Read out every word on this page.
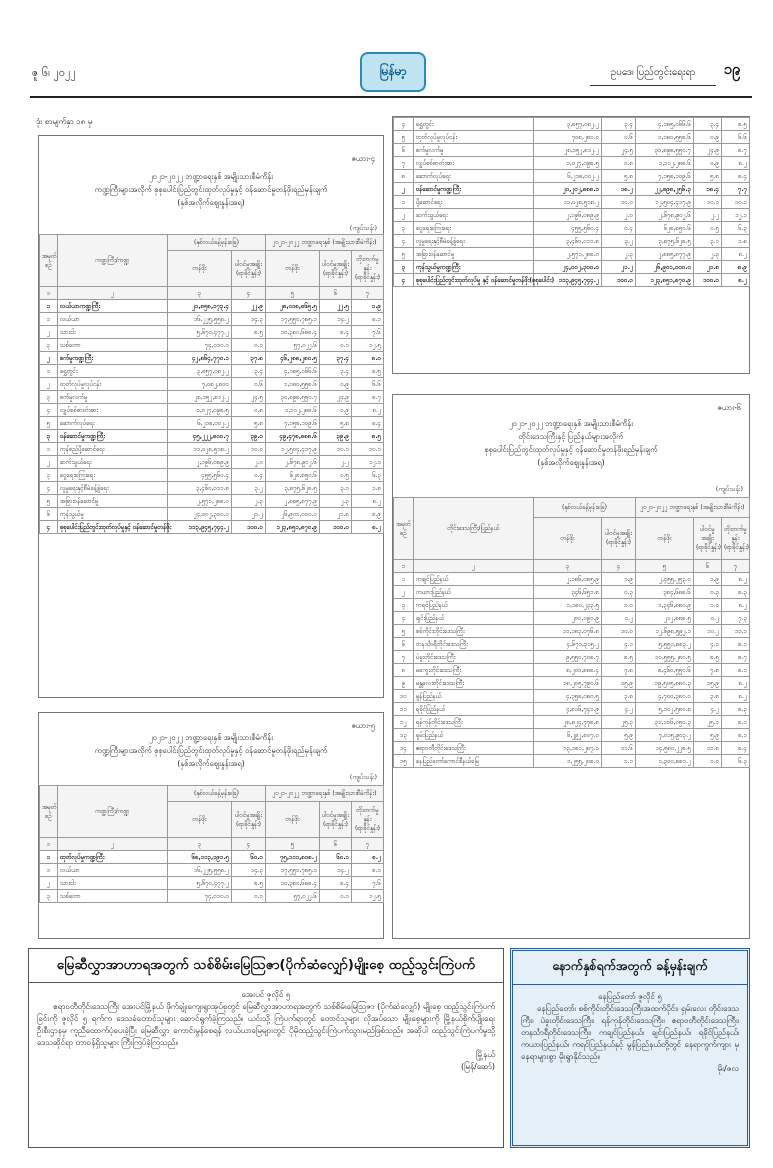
ဇူ ၆၊ ၂၀၂၂	မြန်မာ့	ဥပဒေ၊ ပြည်တွင်းရေးရာ	၁၉
ဒုံး စာမျက်နှာ ၁၈ မှ
ဇယား-၄
၂၀၂၁-၂၀၂၂ ဘဏ္ဍာရေးနှစ် အမျိုးသားစီမံကိန်း
ကဏ္ဍကြီးများအလိုက် စုစုပေါင်းပြည်တွင်းထုတ်လုပ်မှုနှင့် ဝန်ဆောင်မှုတန်ဖိုးရည်မှန်းချက်
(နှစ်အလိုက်ဈေးနှုန်းအရ)
(ကျပ်သန်း)
အမှတ်စဉ်	ကဏ္ဍကြီး/ကဏ္ဍ	(နှစ်လယ်ခန့်မှန်းခြေ)		၂၀၂၁-၂၀၂၂ ဘဏ္ဍာရေးနှစ် (အမျိုးသားစီမံကိန်း)		
		တန်ဖိုး	ပါဝင်မှုအချိုး (ရာခိုင်နှုန်း)	တန်ဖိုး	ပါဝင်မှုအချိုး (ရာခိုင်နှုန်း)	တိုးတက်မှုနှုန်း (ရာခိုင်နှုန်း)
၁	၂	၃	၄	၅	၆	၇
၁	လယ်ယာကဏ္ဍကြီး	၂၁,၈၅၈,၁၇၃.၄	၂၂.၉	၂၈,၀၁၈,၈၆၅.၅	၂၂.၅	၁.၉
၁	လယ်ယာ	၁၆,၂၂၅,၅၅၈.၂	၁၄.၃	၁၇,၅၅၀,၇၈၅.၁	၁၄.၂	၈.၁
၂	သားငါး	၅,၆၇၀,၄၇၇.၂	၈.၅	၁၀,၃၈၀,၆၈၈.၄	၈.၄	၇.၆
၃	သစ်တော	၇၄,၀၁၀.၀	၀.၁	၅၇,၀၂၂.၆	၀.၁	၁၂.၅
၂	စက်မှုကဏ္ဍကြီး	၄၂,၈၆၄,၇၇၀.၁	၃၇.၈	၄၆,၂၈၈,၂၈၀.၅	၃၇.၄	၈.၀
၁	ရွှေတွင်း	၃,၈၅၇,၀၈၂.၂	၃.၄	၄,၁၈၅,၀၆၆.၆	၃.၄	၈.၅
၂	ထုတ်လုပ်မှုလုပ်ငန်း	၇,၀၈၂,၈၀၀	၀.၆	၁,၁၈၀,၅၅၈.၆	၀.၉	၆.၆
၃	စက်မှုလက်မှု	၂၈,၁၅၂,၈၁၂.၂	၂၄.၅	၃၀,၈၉၈,၅၅၀.၇	၂၄.၉	၈.၇
၄	လျှပ်စစ်ဓာတ်အား	၁,၀၂၇,၀၉၈.၅	၀.၈	၁,၁၁၂,၂၈၈.၆	၀.၉	၈.၂
၅	ဆောက်လုပ်ရေး	၆,၂၁၈,၀၀၂.၂	၅.၈	၇,၁၅၈,၁၀၉.၆	၅.၈	၈.၄
၃	ဝန်ဆောင်မှုကဏ္ဍကြီး	၄၅,၂၂၂,၈၀၀.၇	၃၉.၀	၄၉,၄၇၈,၈၈၈.၆	၃၉.၉	၈.၅
၁	ကုန်စည်ပို့ဆောင်ရေး	၁၁,၀၂၈,၅၁၈.၂	၁၀.၀	၁၂,၅၀၄,၄၁၇.၉	၁၀.၁	၁၀.၁
၂	ဆက်သွယ်ရေး	၂,၁၉၆,၀၈၉.၉	၂.၀	၂,၆၇၈,၉၀၂.၆	၂.၂	၁၂.၁
၃	ငွေရေးကြေးရေး	၄၅၅,၅၆၀.၄	၀.၄	၆၂၈,၈၅၀.၆	၀.၅	၆.၃
၄	လူမှုရေးနှင့်စီမံခန့်ခွဲရေး	၃,၄၆၀,၀၁၁.၈	၃.၂	၃,၈၇၅,၆၂၈.၅	၃.၁	၁.၈
၅	အခြားဝန်ဆောင်မှု	၂,၅၇၁,၂၈၈.၀	၂.၃	၂,၈၈၅,၈၇၇.၉	၂.၃	၈.၂
၆	ကုန်သွယ်မှု	၂၄,၀၀၂,၃၀၀.၀	၂၁.၂	၂၆,၉၀၁,၀၀၀.၀	၂၁.၈	၈.၉
၄	စုစုပေါင်းပြည်တွင်းထုတ်လုပ်မှုနှင့် ဝန်ဆောင်မှုတန်ဖိုး	၁၁၃,၉၄၅,၇၄၄.၂	၁၀၀.၀	၁၂၃,၈၅၁,၈၇၀.၉	၁၀၀.၀	၈.၂
ဇယား-၅
၂၀၂၁-၂၀၂၂ ဘဏ္ဍာရေးနှစ် အမျိုးသားစီမံကိန်း
ကဏ္ဍကြီးများအလိုက် စုစုပေါင်းပြည်တွင်းထုတ်လုပ်မှုနှင့် ဝန်ဆောင်မှုတန်ဖိုးရည်မှန်းချက်
(နှစ်အလိုက်ဈေးနှုန်းအရ)
(ကျပ်သန်း)
အမှတ်စဉ်	ကဏ္ဍကြီး/ကဏ္ဍ	(နှစ်လယ်ခန့်မှန်းခြေ)		၂၀၂၁-၂၀၂၂ ဘဏ္ဍာရေးနှစ် (အမျိုးသားစီမံကိန်း)		
		တန်ဖိုး	ပါဝင်မှုအချိုး (ရာခိုင်နှုန်း)	တန်ဖိုး	ပါဝင်မှုအချိုး (ရာခိုင်နှုန်း)	တိုးတက်မှုနှုန်း (ရာခိုင်နှုန်း)
၁	၂	၃	၄	၅	၆	၇
၁	ထုတ်လုပ်မှုကဏ္ဍကြီး	၆၈,၁၁၃,၁၉၁.၅	၆၀.၀	၇၅,၁၁၁,၈၀၈.၂	၆၀.၁	၈.၂
၁	လယ်ယာ	၁၆,၂၂၅,၅၅၈.၂	၁၄.၃	၁၇,၅၅၀,၇၈၅.၁	၁၄.၂	၈.၁
၂	သားငါး	၅,၆၇၀,၄၇၇.၂	၈.၅	၁၀,၃၈၀,၆၈၈.၄	၈.၄	၇.၆
၃	သစ်တော	၇၄,၀၁၀.၀	၀.၁	၅၇,၀၂၂.၆	၀.၁	၁၂.၅
၄	ရွှေတွင်း	၃,၈၅၇,၀၈၂.၂	၃.၄	၄,၁၈၅,၀၆၆.၆	၃.၄	၈.၅
၅	ထုတ်လုပ်မှုလုပ်ငန်း	၇၀၈,၂၈၀.၀	၀.၆	၁,၁၈၀,၅၅၈.၆	၀.၉	၆.၆
၆	စက်မှုလက်မှု	၂၈,၁၅၂,၈၁၂.၂	၂၄.၅	၃၀,၈၉၈,၅၅၀.၇	၂၄.၉	၈.၇
၇	လျှပ်စစ်ဓာတ်အား	၁,၀၂၇,၀၉၈.၅	၀.၈	၁,၁၁၂,၂၈၈.၆	၀.၉	၈.၂
၈	ဆောက်လုပ်ရေး	၆,၂၁၈,၀၀၂.၂	၅.၈	၇,၁၅၈,၁၀၉.၆	၅.၈	၈.၄
၂	ဝန်ဆောင်မှုကဏ္ဍကြီး	၂၀,၂၀၂,၈၈၈.၁	၁၈.၂	၂၂,၈၉၈,၂၅၆.၃	၁၈.၄	၇.၇
၁	ပို့ဆောင်ရေး	၁၁,၀၂၈,၅၁၈.၂	၁၀.၀	၁၂,၅၀၄,၄၁၇.၉	၁၀.၁	၁၀.၁
၂	ဆက်သွယ်ရေး	၂,၁၉၆,၀၈၉.၉	၂.၀	၂,၆၇၈,၉၀၂.၆	၂.၂	၁၂.၁
၃	ငွေရေးကြေးရေး	၄၅၅,၅၆၀.၄	၀.၄	၆၂၈,၈၅၀.၆	၀.၅	၆.၃
၄	လူမှုရေးနှင့်စီမံခန့်ခွဲရေး	၃,၄၆၀,၀၁၁.၈	၃.၂	၃,၈၇၅,၆၂၈.၅	၃.၁	၁.၈
၅	အခြားဝန်ဆောင်မှု	၂,၅၇၁,၂၈၈.၀	၂.၃	၂,၈၈၅,၈၇၇.၉	၂.၃	၈.၂
၃	ကုန်သွယ်မှုကဏ္ဍကြီး	၂၄,၀၀၂,၃၀၀.၀	၂၁.၂	၂၆,၉၀၁,၀၀၀.၀	၂၁.၈	၈.၉
၄	စုစုပေါင်းပြည်တွင်းထုတ်လုပ်မှု နှင့် ဝန်ဆောင်မှုတန်ဖိုး(စုစုပေါင်း)	၁၁၃,၉၄၅,၇၄၄.၂	၁၀၀.၀	၁၂၃,၈၅၁,၈၇၀.၉	၁၀၀.၀	၈.၂
ဇယား-၆
၂၀၂၁-၂၀၂၂ ဘဏ္ဍာရေးနှစ် အမျိုးသားစီမံကိန်း
တိုင်းဒေသကြီးနှင့် ပြည်နယ်များအလိုက်
စုစုပေါင်းပြည်တွင်းထုတ်လုပ်မှုနှင့် ဝန်ဆောင်မှုတန်ဖိုးရည်မှန်းချက်
(နှစ်အလိုက်ဈေးနှုန်းအရ)
(ကျပ်သန်း)
အမှတ်စဉ်	တိုင်းဒေသကြီး/ပြည်နယ်	(နှစ်လယ်ခန့်မှန်းခြေ)		၂၀၂၁-၂၀၂၂ ဘဏ္ဍာရေးနှစ် (အမျိုးသားစီမံကိန်း)		
		တန်ဖိုး	ပါဝင်မှုအချိုး (ရာခိုင်နှုန်း)	တန်ဖိုး	ပါဝင်မှုအချိုး (ရာခိုင်နှုန်း)	တိုးတက်မှုနှုန်း (ရာခိုင်နှုန်း)
၁	၂	၃	၄	၅	၆	၇
၁	ကချင်ပြည်နယ်	၂,၁၈၆,၀၈၅.၉	၁.၉	၂,၄၅၅,၂၅၃.၀	၁.၉	၈.၂
၂	ကယားပြည်နယ်	၃၄၆,၆၅၁.၈	၀.၃	၃၈၄,၆၈၈.၆	၀.၃	၈.၃
၃	ကရင်ပြည်နယ်	၁,၁၈၀,၂၃၃.၅	၁.၀	၁,၃၄၆,၈၈၀.၉	၁.၀	၈.၂
၄	ချင်းပြည်နယ်	၂၀၀,၀၉၁.၉	၀.၂	၂၁၂,၈၈၈.၅	၀.၂	၇.၃
၅	စစ်ကိုင်းတိုင်းဒေသကြီး	၁၁,၁၈၃,၀၇၆.၈	၁၀.၀	၁၂,၆၉၈,၅၉၂.၁	၁၀.၂	၁၁.၁
၆	တနင်္သာရီတိုင်းဒေသကြီး	၄,၆၇၁,၃၁၅.၂	၄.၁	၅,၅၅၁,၈၈၃.၂	၄.၁	၈.၁
၇	ပဲခူးတိုင်းဒေသကြီး	၉,၅၅၀,၇၀၈.၇	၈.၅	၁၀,၅၅၅,၂၈၀.၅	၈.၅	၈.၇
၈	မကွေးတိုင်းဒေသကြီး	၈,၂၀၀,၈၈၈.၄	၇.၈	၈,၄၆၀,၅၅၀.၆	၇.၈	၈.၁
၉	မန္တလေးတိုင်းဒေသကြီး	၁၈,၂၀၅,၇၉၀.၆	၁၅.၉	၁၉,၅၀၅,၈၈၀.၃	၁၅.၉	၈.၂
၁၀	မွန်ပြည်နယ်	၄,၃၅၈,၀၈၀.၅	၃.၈	၄,၇၀၀,၃၈၀.၀	၃.၈	၈.၂
၁၁	ရခိုင်ပြည်နယ်	၄,၈၁၆,၇၄၁.၉	၄.၂	၅,၁၀၂,၅၈၀.၈	၄.၂	၈.၃
၁၂	ရန်ကုန်တိုင်းဒေသကြီး	၂၈,၈၂၄,၇၇၈.၈	၂၅.၃	၃၁,၁၀၆,၀၅၀.၃	၂၅.၁	၈.၀
၁၃	ရှမ်းပြည်နယ်	၆,၂၉၂,၈၀၇.၀	၅.၉	၇,၀၁၅,၉၀၃.၂	၅.၉	၈.၁
၁၄	ဧရာဝတီတိုင်းဒေသကြီး	၁၃,၁၈၁,၂၈၇.၁	၁၁.၆	၁၄,၅၈၀,၂၂၈.၅	၁၁.၈	၈.၄
၁၅	နေပြည်တော်ကောင်စီနယ်မြေ	၁,၂၅၅,၂၀၈.၀	၁.၁	၁,၃၀၀,၈၈၁.၂	၁.၀	၆.၃
မြေဆီလွှာအာဟာရအတွက် သစ်စိမ်းမြေဩဇာ(ပိုက်ဆံလျှော်)မျိုးစေ့ ထည့်သွင်းကြဲပက်

အေးပင် ဇူလိုင် ၅

ဧရာဝတီတိုင်းဒေသကြီး အေးပင်မြို့နယ် ဖိုက်ချုံးကျေးရွာအုပ်စုတွင် မြေဆီလွှာအာဟာရအတွက် သစ်စိမ်းမြေဩဇာ (ပိုက်ဆံလျှော်) မျိုးစေ့ ထည့်သွင်းကြဲပက်ခြင်းကို ဇူလိုင် ၅ ရက်က ဒေသခံတောင်သူများ ဆောင်ရွက်ခဲ့ကြသည်။ ယင်းသို့ ကြဲပက်ရာတွင် တောင်သူများ လိုအပ်သော မျိုးစေ့များကို မြို့နယ်စိုက်ပျိုးရေးဦးစီးဌာနမှ ကူညီထောက်ပံ့ပေးခဲ့ပြီး မြေဆီလွှာ ကောင်းမွန်စေရန် လယ်ယာမြေများတွင် ပိုမိုထည့်သွင်းကြဲပက်သွားမည်ဖြစ်သည်။ အဆိုပါ ထည့်သွင်းကြဲပက်မှုသို့ ဒေသဆိုင်ရာ တာဝန်ရှိသူများ ကြီးကြပ်ခဲ့ကြသည်။

မြို့နယ်

(မြန်/ဆော်)

နောက်နှစ်ရက်အတွက် ခန့်မှန်းချက်

နေပြည်တော် ဇူလိုင် ၅

နေပြည်တော်၊ စစ်ကိုင်းတိုင်းဒေသကြီးအထက်ပိုင်း၊ ရှမ်းလေး တိုင်းဒေသကြီး၊ ပဲခူးတိုင်းဒေသကြီး၊ ရန်ကုန်တိုင်းဒေသကြီး၊ ဧရာဝတီတိုင်းဒေသကြီး၊ တနင်္သာရီတိုင်းဒေသကြီး၊ ကချင်ပြည်နယ်၊ ချင်းပြည်နယ်၊ ရခိုင်ပြည်နယ်၊ ကယားပြည်နယ်၊ ကရင်ပြည်နယ်နှင့် မွန်ပြည်နယ်တို့တွင် နေရာကွက်ကျား မှ နေရာများစွာ မိုးရွာနိုင်သည်။

မိုး/ဇလ
